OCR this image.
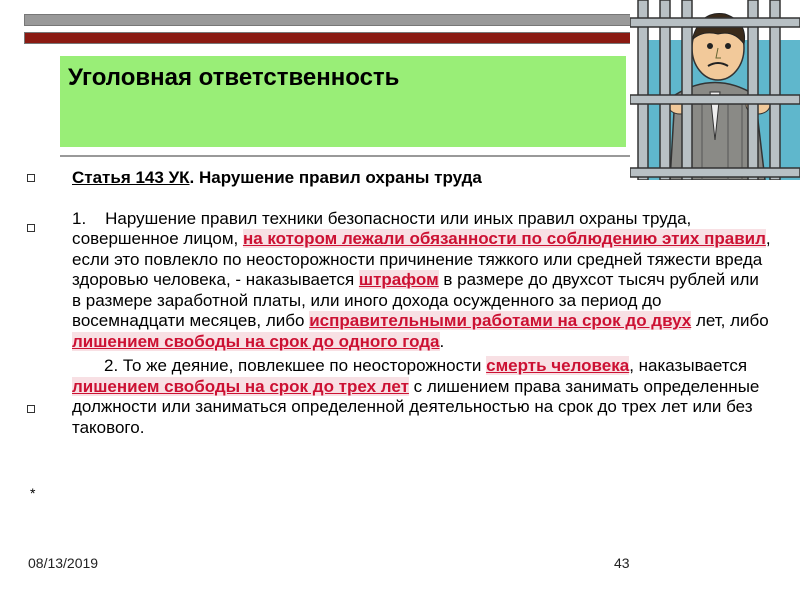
Уголовная ответственность

Статья 143 УК. Нарушение правил охраны труда

1. Нарушение правил техники безопасности или иных правил охраны труда, совершенное лицом, на котором лежали обязанности по соблюдению этих правил, если это повлекло по неосторожности причинение тяжкого или средней тяжести вреда здоровью человека, - наказывается штрафом в размере до двухсот тысяч рублей или в размере заработной платы, или иного дохода осужденного за период до восемнадцати месяцев, либо исправительными работами на срок до двух лет, либо лишением свободы на срок до одного года.

2. То же деяние, повлекшее по неосторожности смерть человека, наказывается лишением свободы на срок до трех лет с лишением права занимать определенные должности или заниматься определенной деятельностью на срок до трех лет или без такового.

*
08/13/2019	43
